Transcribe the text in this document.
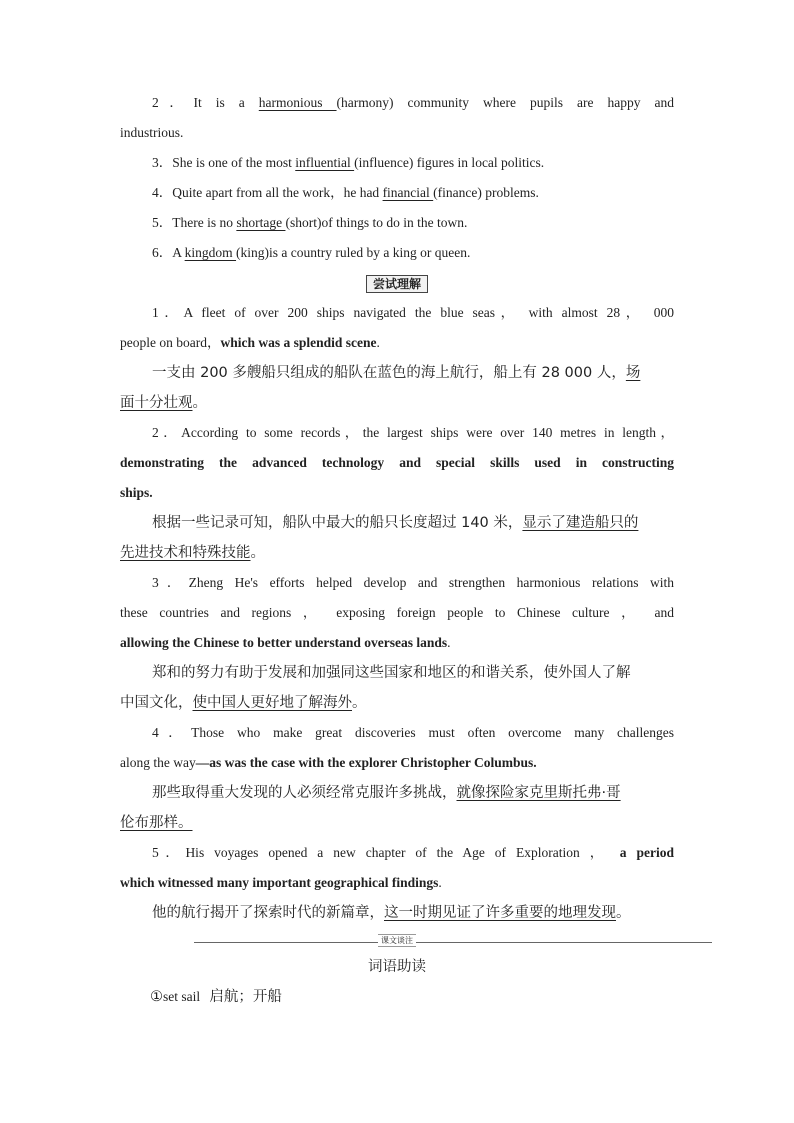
2．It is a harmonious (harmony) community where pupils are happy and
industrious.
3．She is one of the most influential (influence) figures in local politics.
4．Quite apart from all the work，he had financial (finance) problems.
5．There is no shortage (short)of things to do in the town.
6．A kingdom (king)is a country ruled by a king or queen.
尝试理解
1．A fleet of over 200 ships navigated the blue seas， with almost 28， 000
people on board，which was a splendid scene.
一支由 200 多艘船只组成的船队在蓝色的海上航行，船上有 28 000 人，场
面十分壮观。
2．According to some records，the largest ships were over 140 metres in length，
demonstrating the advanced technology and special skills used in constructing
ships.
根据一些记录可知，船队中最大的船只长度超过 140 米，显示了建造船只的
先进技术和特殊技能。
3．Zheng He's efforts helped develop and strengthen harmonious relations with
these countries and regions ， exposing foreign people to Chinese culture ， and
allowing the Chinese to better understand overseas lands.
郑和的努力有助于发展和加强同这些国家和地区的和谐关系，使外国人了解
中国文化，使中国人更好地了解海外。
4．Those who make great discoveries must often overcome many challenges
along the way—as was the case with the explorer Christopher Columbus.
那些取得重大发现的人必须经常克服许多挑战，就像探险家克里斯托弗·哥
伦布那样。
5．His voyages opened a new chapter of the Age of Exploration ， a period
which witnessed many important geographical findings.
他的航行揭开了探索时代的新篇章，这一时期见证了许多重要的地理发现。
课文谈注
词语助读
①set sail 启航；开船
